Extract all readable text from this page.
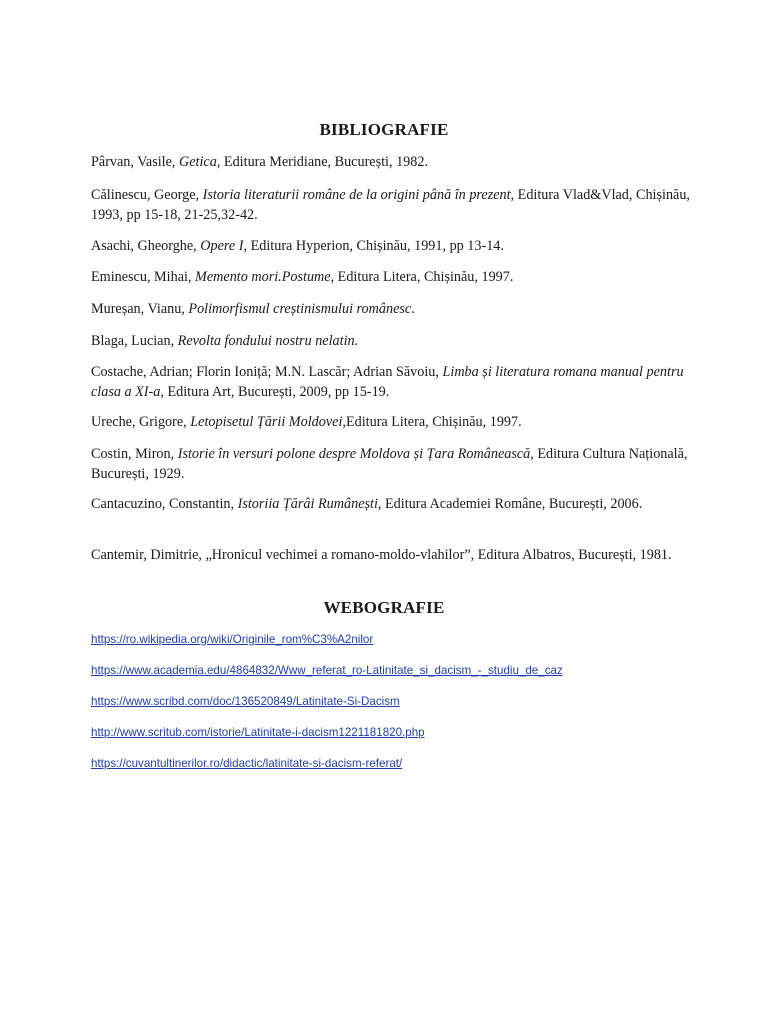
BIBLIOGRAFIE
Pârvan, Vasile, Getica, Editura Meridiane, București, 1982.
Călinescu, George, Istoria literaturii române de la origini până în prezent, Editura Vlad&Vlad, Chișinău, 1993, pp 15-18, 21-25,32-42.
Asachi, Gheorghe, Opere I, Editura Hyperion, Chișinău, 1991, pp 13-14.
Eminescu, Mihai, Memento mori.Postume, Editura Litera, Chișinău, 1997.
Mureșan, Vianu, Polimorfismul creștinismului românesc.
Blaga, Lucian, Revolta fondului nostru nelatin.
Costache, Adrian; Florin Ioniță; M.N. Lascăr; Adrian Săvoiu, Limba și literatura romana manual pentru clasa a XI-a, Editura Art, București, 2009, pp 15-19.
Ureche, Grigore, Letopisetul Țării Moldovei,Editura Litera, Chișinău, 1997.
Costin, Miron, Istorie în versuri polone despre Moldova și Țara Românească, Editura Cultura Națională, București, 1929.
Cantacuzino, Constantin, Istoriia Țărâi Rumânești, Editura Academiei Române, București, 2006.
Cantemir, Dimitrie, „Hronicul vechimei a romano-moldo-vlahilor”, Editura Albatros, București, 1981.
WEBOGRAFIE
https://ro.wikipedia.org/wiki/Originile_rom%C3%A2nilor
https://www.academia.edu/4864832/Www_referat_ro-Latinitate_si_dacism_-_studiu_de_caz
https://www.scribd.com/doc/136520849/Latinitate-Si-Dacism
http://www.scritub.com/istorie/Latinitate-i-dacism1221181820.php
https://cuvantultinerilor.ro/didactic/latinitate-si-dacism-referat/
